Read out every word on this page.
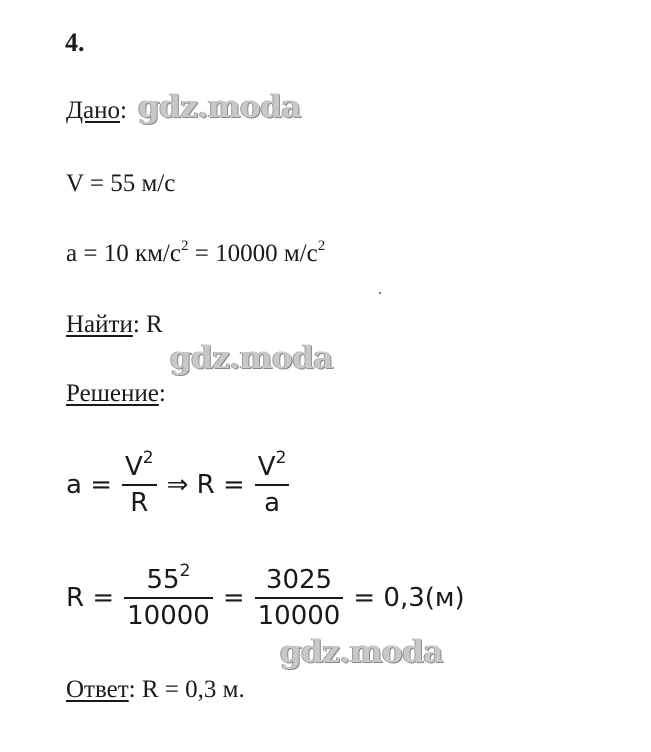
4.
Дано: gdz.moda
V = 55 м/с
a = 10 $км/с^2 = 10000$ $м/с^2$
Найти: R
gdz.moda
Решение:
$a = \frac{V^2}{R}$ ⇒ $R = \frac{V^2}{a}$
$R = \frac{55^2}{10000} = \frac{3025}{10000} = 0,3(м)$
gdz.moda
Ответ: R = 0,3 м.
